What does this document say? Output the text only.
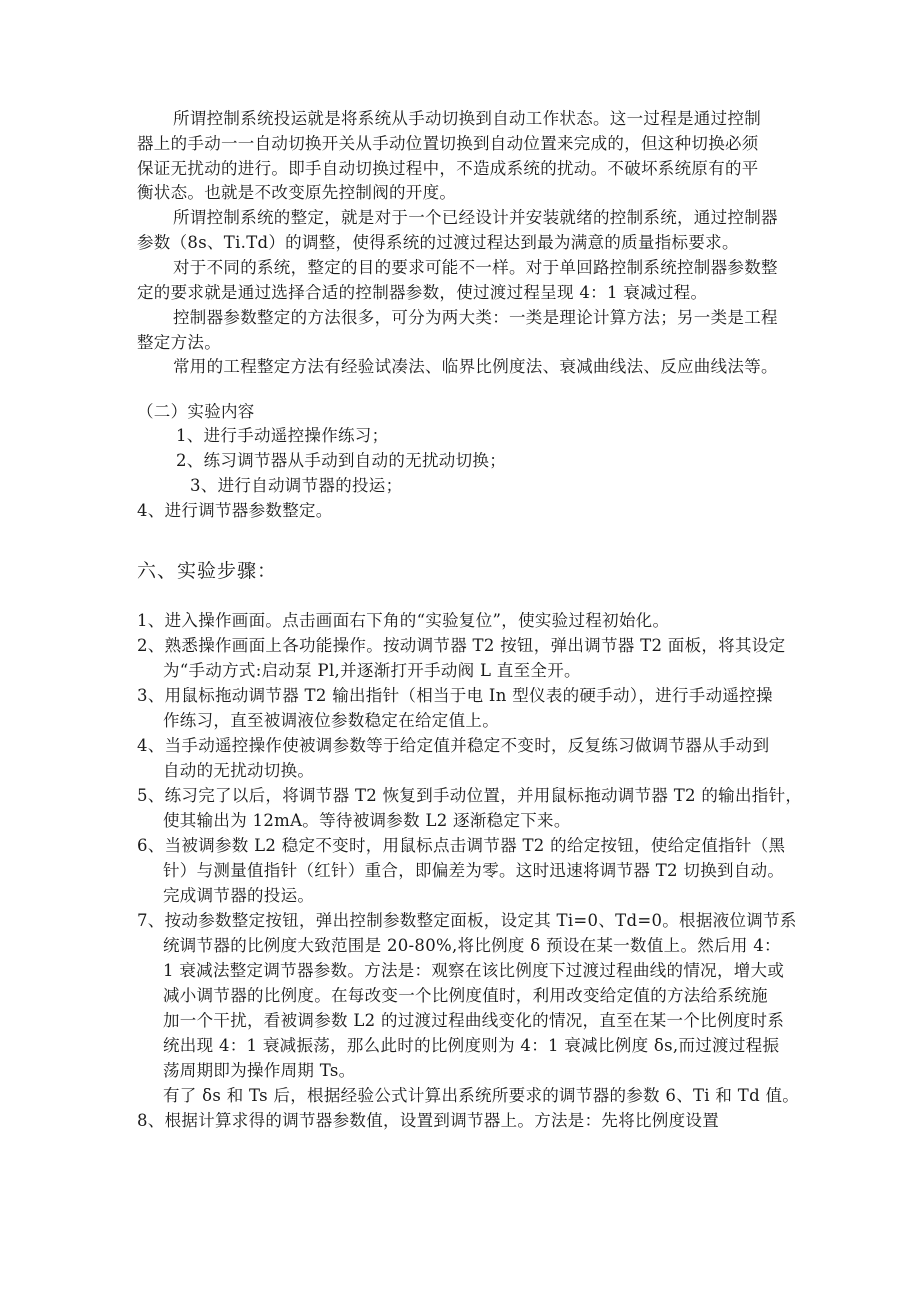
所谓控制系统投运就是将系统从手动切换到自动工作状态。这一过程是通过控制
器上的手动一一自动切换开关从手动位置切换到自动位置来完成的，但这种切换必须
保证无扰动的进行。即手自动切换过程中，不造成系统的扰动。不破坏系统原有的平
衡状态。也就是不改变原先控制阀的开度。
所谓控制系统的整定，就是对于一个已经设计并安装就绪的控制系统，通过控制器
参数（8s、Ti.Td）的调整，使得系统的过渡过程达到最为满意的质量指标要求。
对于不同的系统，整定的目的要求可能不一样。对于单回路控制系统控制器参数整
定的要求就是通过选择合适的控制器参数，使过渡过程呈现 4：1 衰减过程。
控制器参数整定的方法很多，可分为两大类：一类是理论计算方法；另一类是工程
整定方法。
常用的工程整定方法有经验试凑法、临界比例度法、衰减曲线法、反应曲线法等。
（二）实验内容
1、进行手动遥控操作练习；
2、练习调节器从手动到自动的无扰动切换；
3、进行自动调节器的投运；
4、进行调节器参数整定。
六、实验步骤：
1、进入操作画面。点击画面右下角的“实验复位”，使实验过程初始化。
2、熟悉操作画面上各功能操作。按动调节器 T2 按钮，弹出调节器 T2 面板，将其设定
为“手动方式:启动泵 Pl,并逐渐打开手动阀 L 直至全开。
3、用鼠标拖动调节器 T2 输出指针（相当于电 In 型仪表的硬手动），进行手动遥控操
作练习，直至被调液位参数稳定在给定值上。
4、当手动遥控操作使被调参数等于给定值并稳定不变时，反复练习做调节器从手动到
自动的无扰动切换。
5、练习完了以后，将调节器 T2 恢复到手动位置，并用鼠标拖动调节器 T2 的输出指针，
使其输出为 12mA。等待被调参数 L2 逐渐稳定下来。
6、当被调参数 L2 稳定不变时，用鼠标点击调节器 T2 的给定按钮，使给定值指针（黑
针）与测量值指针（红针）重合，即偏差为零。这时迅速将调节器 T2 切换到自动。
完成调节器的投运。
7、按动参数整定按钮，弹出控制参数整定面板，设定其 Ti=0、Td=0。根据液位调节系
统调节器的比例度大致范围是 20-80%,将比例度 δ 预设在某一数值上。然后用 4：
1 衰减法整定调节器参数。方法是：观察在该比例度下过渡过程曲线的情况，增大或
减小调节器的比例度。在每改变一个比例度值时，利用改变给定值的方法给系统施
加一个干扰，看被调参数 L2 的过渡过程曲线变化的情况，直至在某一个比例度时系
统出现 4：1 衰减振荡，那么此时的比例度则为 4：1 衰减比例度 δs,而过渡过程振
荡周期即为操作周期 Ts。
有了 δs 和 Ts 后，根据经验公式计算出系统所要求的调节器的参数 6、Ti 和 Td 值。
8、根据计算求得的调节器参数值，设置到调节器上。方法是：先将比例度设置
